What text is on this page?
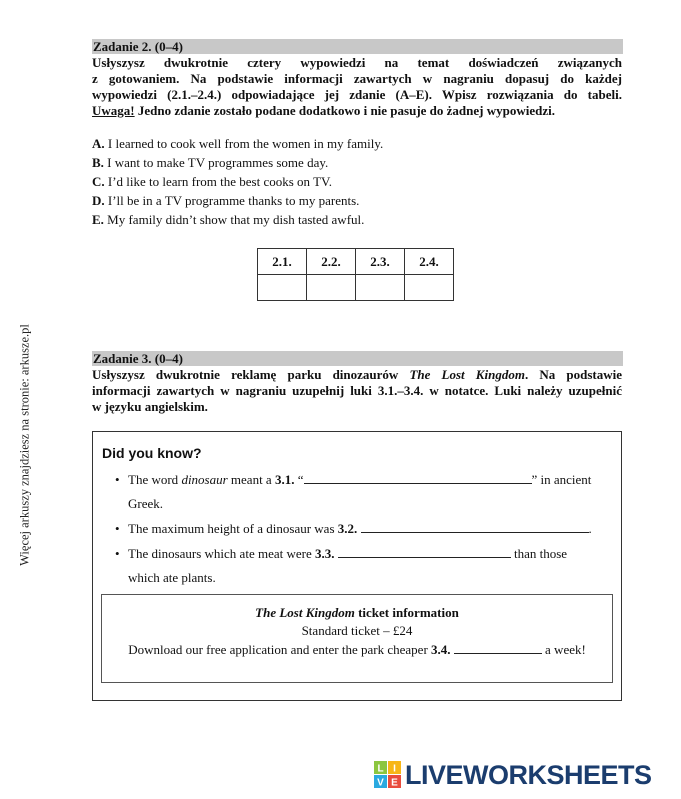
Więcej arkuszy znajdziesz na stronie: arkusze.pl
Zadanie 2. (0–4)
Usłyszysz dwukrotnie cztery wypowiedzi na temat doświadczeń związanych
z gotowaniem. Na podstawie informacji zawartych w nagraniu dopasuj do każdej
wypowiedzi (2.1.–2.4.) odpowiadające jej zdanie (A–E). Wpisz rozwiązania do tabeli.
Uwaga! Jedno zdanie zostało podane dodatkowo i nie pasuje do żadnej wypowiedzi.
A. I learned to cook well from the women in my family.
B. I want to make TV programmes some day.
C. I’d like to learn from the best cooks on TV.
D. I’ll be in a TV programme thanks to my parents.
E. My family didn’t show that my dish tasted awful.
2.1.	2.2.	2.3.	2.4.

Zadanie 3. (0–4)
Usłyszysz dwukrotnie reklamę parku dinozaurów The Lost Kingdom. Na podstawie
informacji zawartych w nagraniu uzupełnij luki 3.1.–3.4. w notatce. Luki należy uzupełnić
w języku angielskim.
Did you know?
• The word dinosaur meant a 3.1. “	” in ancient
Greek.
• The maximum height of a dinosaur was 3.2.	.
• The dinosaurs which ate meat were 3.3.	than those
which ate plants.
The Lost Kingdom ticket information
Standard ticket – £24
Download our free application and enter the park cheaper 3.4.	a week!
L I
V E LIVEWORKSHEETS
